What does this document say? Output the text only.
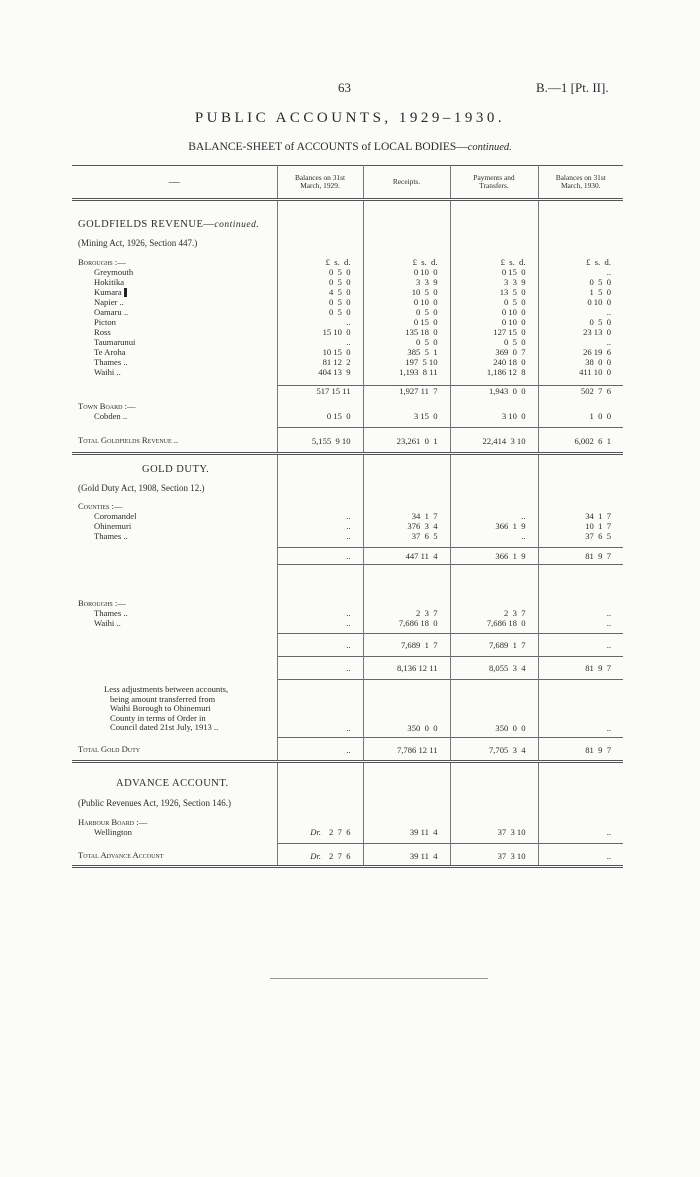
63	B.—1 [Pt. II].
PUBLIC ACCOUNTS, 1929–1930.
BALANCE-SHEET of ACCOUNTS of LOCAL BODIES—continued.
—	Balances on 31st March, 1929.	Receipts.	Payments and Transfers.	Balances on 31st March, 1930.

GOLDFIELDS REVENUE—continued.				

(Mining Act, 1926, Section 447.)				

Boroughs :—	£  s.  d.	£  s.  d.	£  s.  d.	£  s.  d.
Greymouth	0  5  0	0 10  0	0 15  0	..
Hokitika	0  5  0	3  3  9	3  3  9	0  5  0
Kumara	4  5  0	10  5  0	13  5  0	1  5  0
Napier ..	0  5  0	0 10  0	0  5  0	0 10  0
Oamaru ..	0  5  0	0  5  0	0 10  0	..
Picton	..	0 15  0	0 10  0	0  5  0
Ross	15 10  0	135 18  0	127 15  0	23 13  0
Taumarunui	..	0  5  0	0  5  0	..
Te Aroha	10 15  0	385  5  1	369  0  7	26 19  6
Thames ..	81 12  2	197  5 10	240 18  0	38  0  0
Waihi ..	404 13  9	1,193  8 11	1,186 12  8	411 10  0

	517 15 11	1,927 11  7	1,943  0  0	502  7  6

Town Board :—				
Cobden ..	0 15  0	3 15  0	3 10  0	1  0  0

Total Goldfields Revenue ..	5,155  9 10	23,261  0  1	22,414  3 10	6,002  6  1

GOLD DUTY.				

(Gold Duty Act, 1908, Section 12.)				

Counties :—				
Coromandel	..	34  1  7	..	34  1  7
Ohinemuri	..	376  3  4	366  1  9	10  1  7
Thames ..	..	37  6  5	..	37  6  5

	..	447 11  4	366  1  9	81  9  7

Boroughs :—				
Thames ..	..	2  3  7	2  3  7	..
Waihi ..	..	7,686 18  0	7,686 18  0	..

	..	7,689  1  7	7,689  1  7	..
	..	8,136 12 11	8,055  3  4	81  9  7

Less adjustments between accounts,
being amount transferred from
Waihi Borough to Ohinemuri
County in terms of Order in
Council dated 21st July, 1913 ..	..	350  0  0	350  0  0	..
Total Gold Duty	..	7,786 12 11	7,705  3  4	81  9  7

ADVANCE ACCOUNT.				

(Public Revenues Act, 1926, Section 146.)				

Harbour Board :—				
Wellington	Dr. 2  7  6	39 11  4	37  3 10	..

Total Advance Account	Dr. 2  7  6	39 11  4	37  3 10	..
